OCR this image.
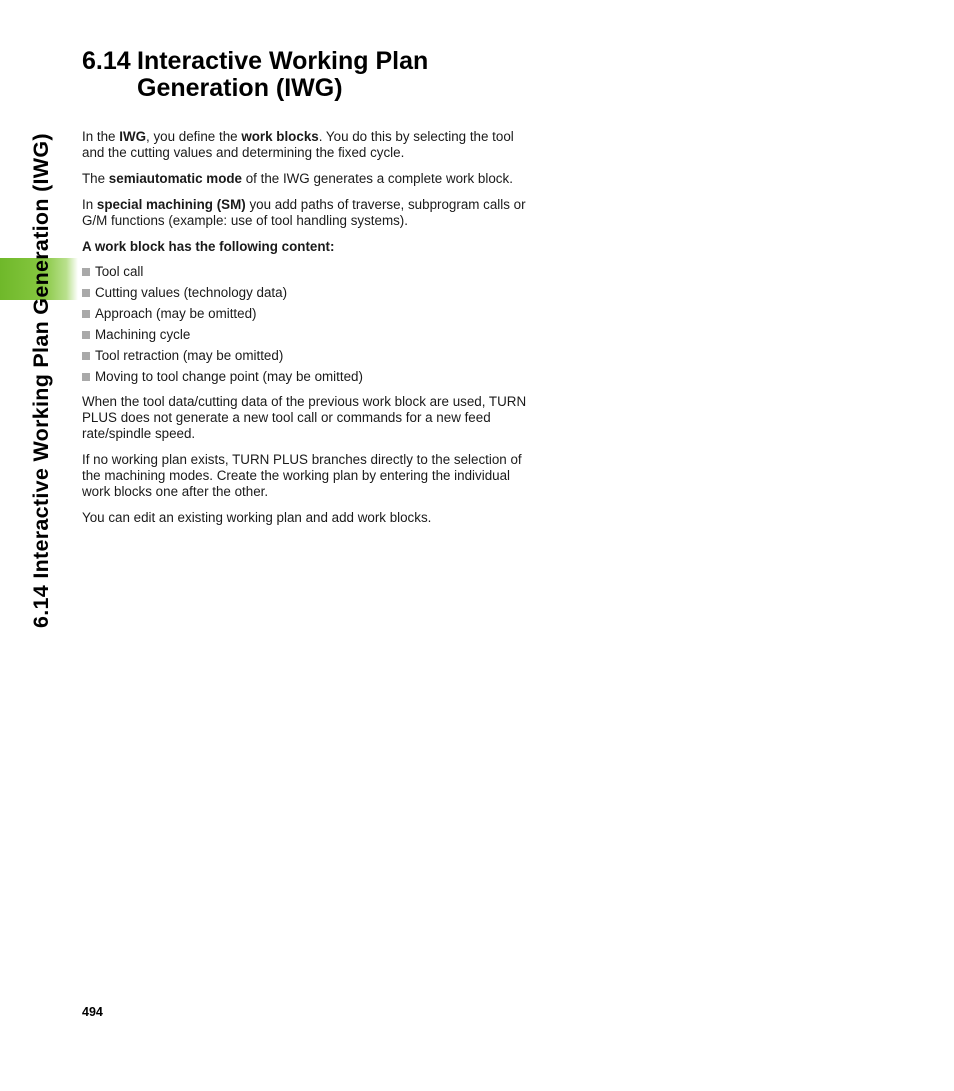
6.14 Interactive Working Plan Generation (IWG)
6.14 Interactive Working Plan
Generation (IWG)

In the IWG, you define the work blocks. You do this by selecting the tool and the cutting values and determining the fixed cycle.

The semiautomatic mode of the IWG generates a complete work block.

In special machining (SM) you add paths of traverse, subprogram calls or G/M functions (example: use of tool handling systems).

A work block has the following content:

Tool call
Cutting values (technology data)
Approach (may be omitted)
Machining cycle
Tool retraction (may be omitted)
Moving to tool change point (may be omitted)

When the tool data/cutting data of the previous work block are used, TURN PLUS does not generate a new tool call or commands for a new feed rate/spindle speed.

If no working plan exists, TURN PLUS branches directly to the selection of the machining modes. Create the working plan by entering the individual work blocks one after the other.

You can edit an existing working plan and add work blocks.

494
